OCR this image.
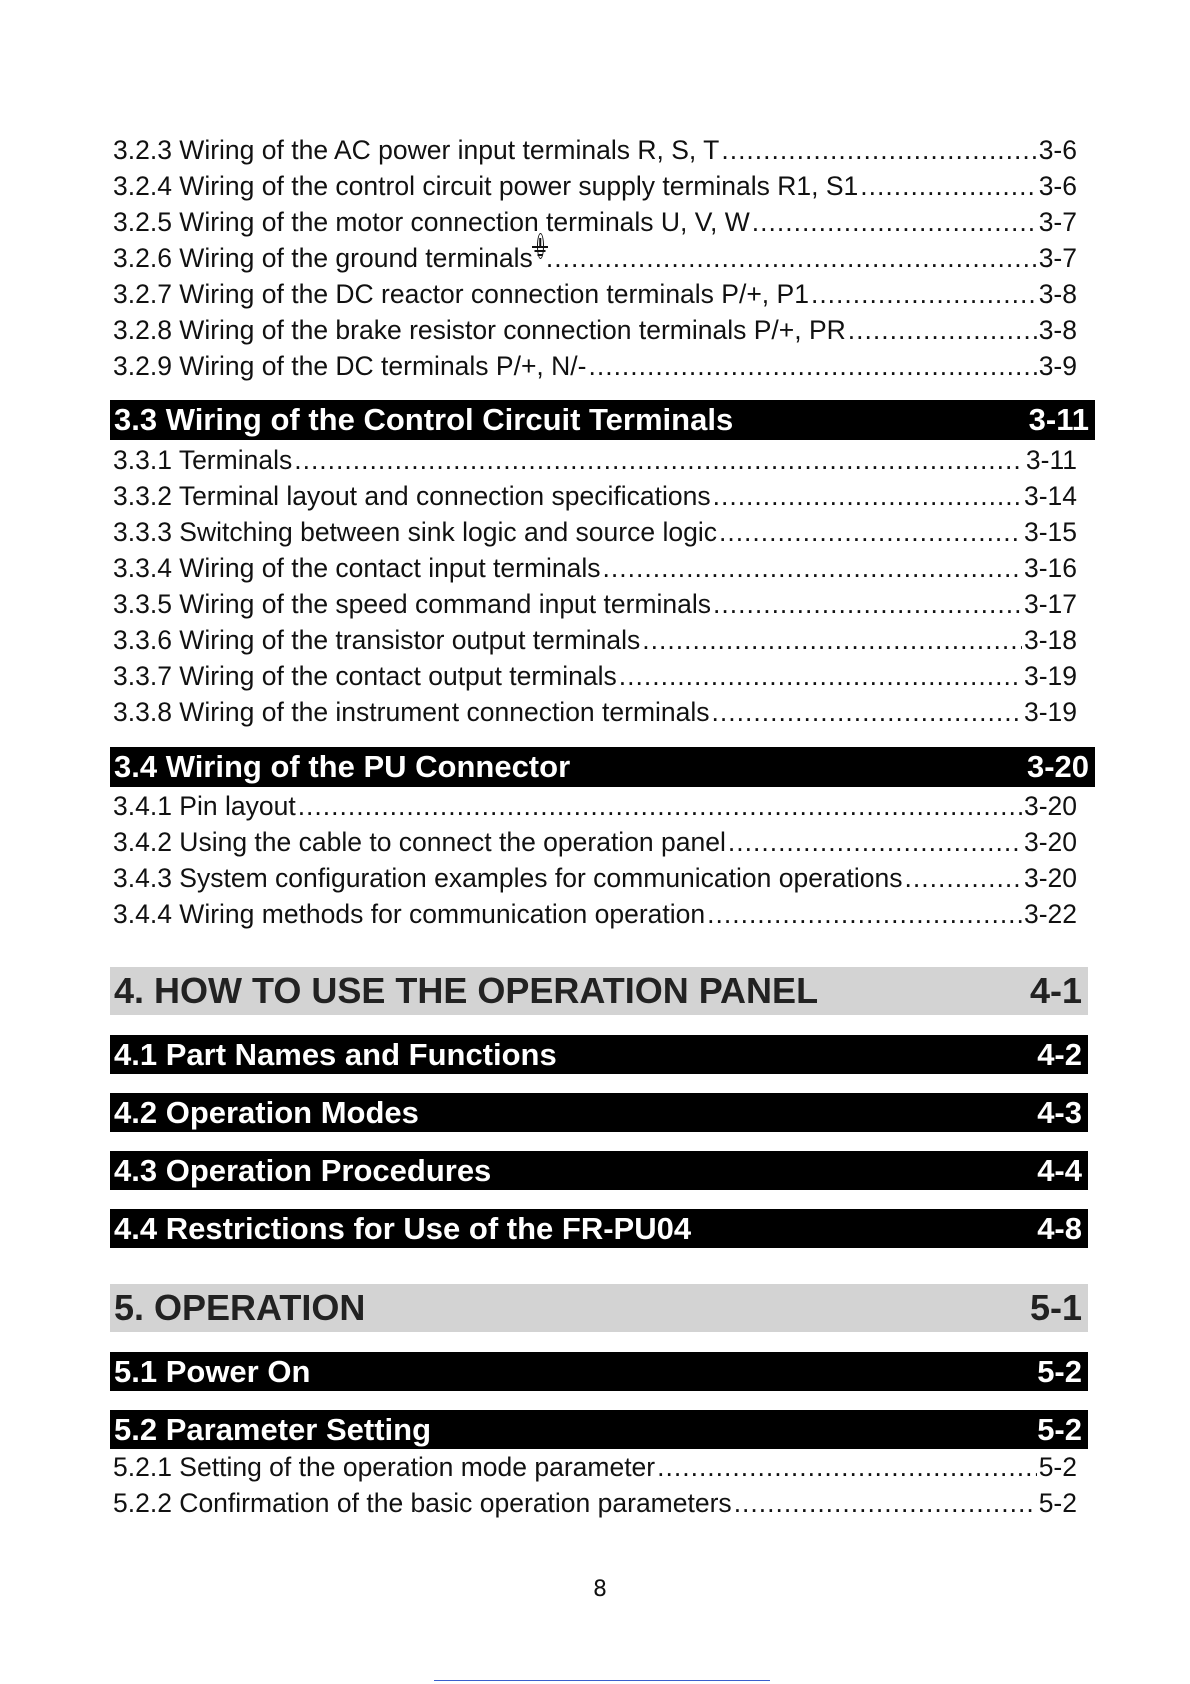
3.2.3 Wiring of the AC power input terminals R, S, T .....	3-6
3.2.4 Wiring of the control circuit power supply terminals R1, S1 .....	3-6
3.2.5 Wiring of the motor connection terminals U, V, W .....	3-7
3.2.6 Wiring of the ground terminals .....	3-7
3.2.7 Wiring of the DC reactor connection terminals P/+, P1 .....	3-8
3.2.8 Wiring of the brake resistor connection terminals P/+, PR .....	3-8
3.2.9 Wiring of the DC terminals P/+, N/- .....	3-9
3.3 Wiring of the Control Circuit Terminals	3-11
3.3.1 Terminals .....	3-11
3.3.2 Terminal layout and connection specifications .....	3-14
3.3.3 Switching between sink logic and source logic .....	3-15
3.3.4 Wiring of the contact input terminals .....	3-16
3.3.5 Wiring of the speed command input terminals .....	3-17
3.3.6 Wiring of the transistor output terminals .....	3-18
3.3.7 Wiring of the contact output terminals .....	3-19
3.3.8 Wiring of the instrument connection terminals .....	3-19
3.4 Wiring of the PU Connector	3-20
3.4.1 Pin layout .....	3-20
3.4.2 Using the cable to connect the operation panel .....	3-20
3.4.3 System configuration examples for communication operations .....	3-20
3.4.4 Wiring methods for communication operation .....	3-22
4. HOW TO USE THE OPERATION PANEL	4-1
4.1 Part Names and Functions	4-2
4.2 Operation Modes	4-3
4.3 Operation Procedures	4-4
4.4 Restrictions for Use of the FR-PU04	4-8
5. OPERATION	5-1
5.1 Power On	5-2
5.2 Parameter Setting	5-2
5.2.1 Setting of the operation mode parameter .....	5-2
5.2.2 Confirmation of the basic operation parameters .....	5-2
8
